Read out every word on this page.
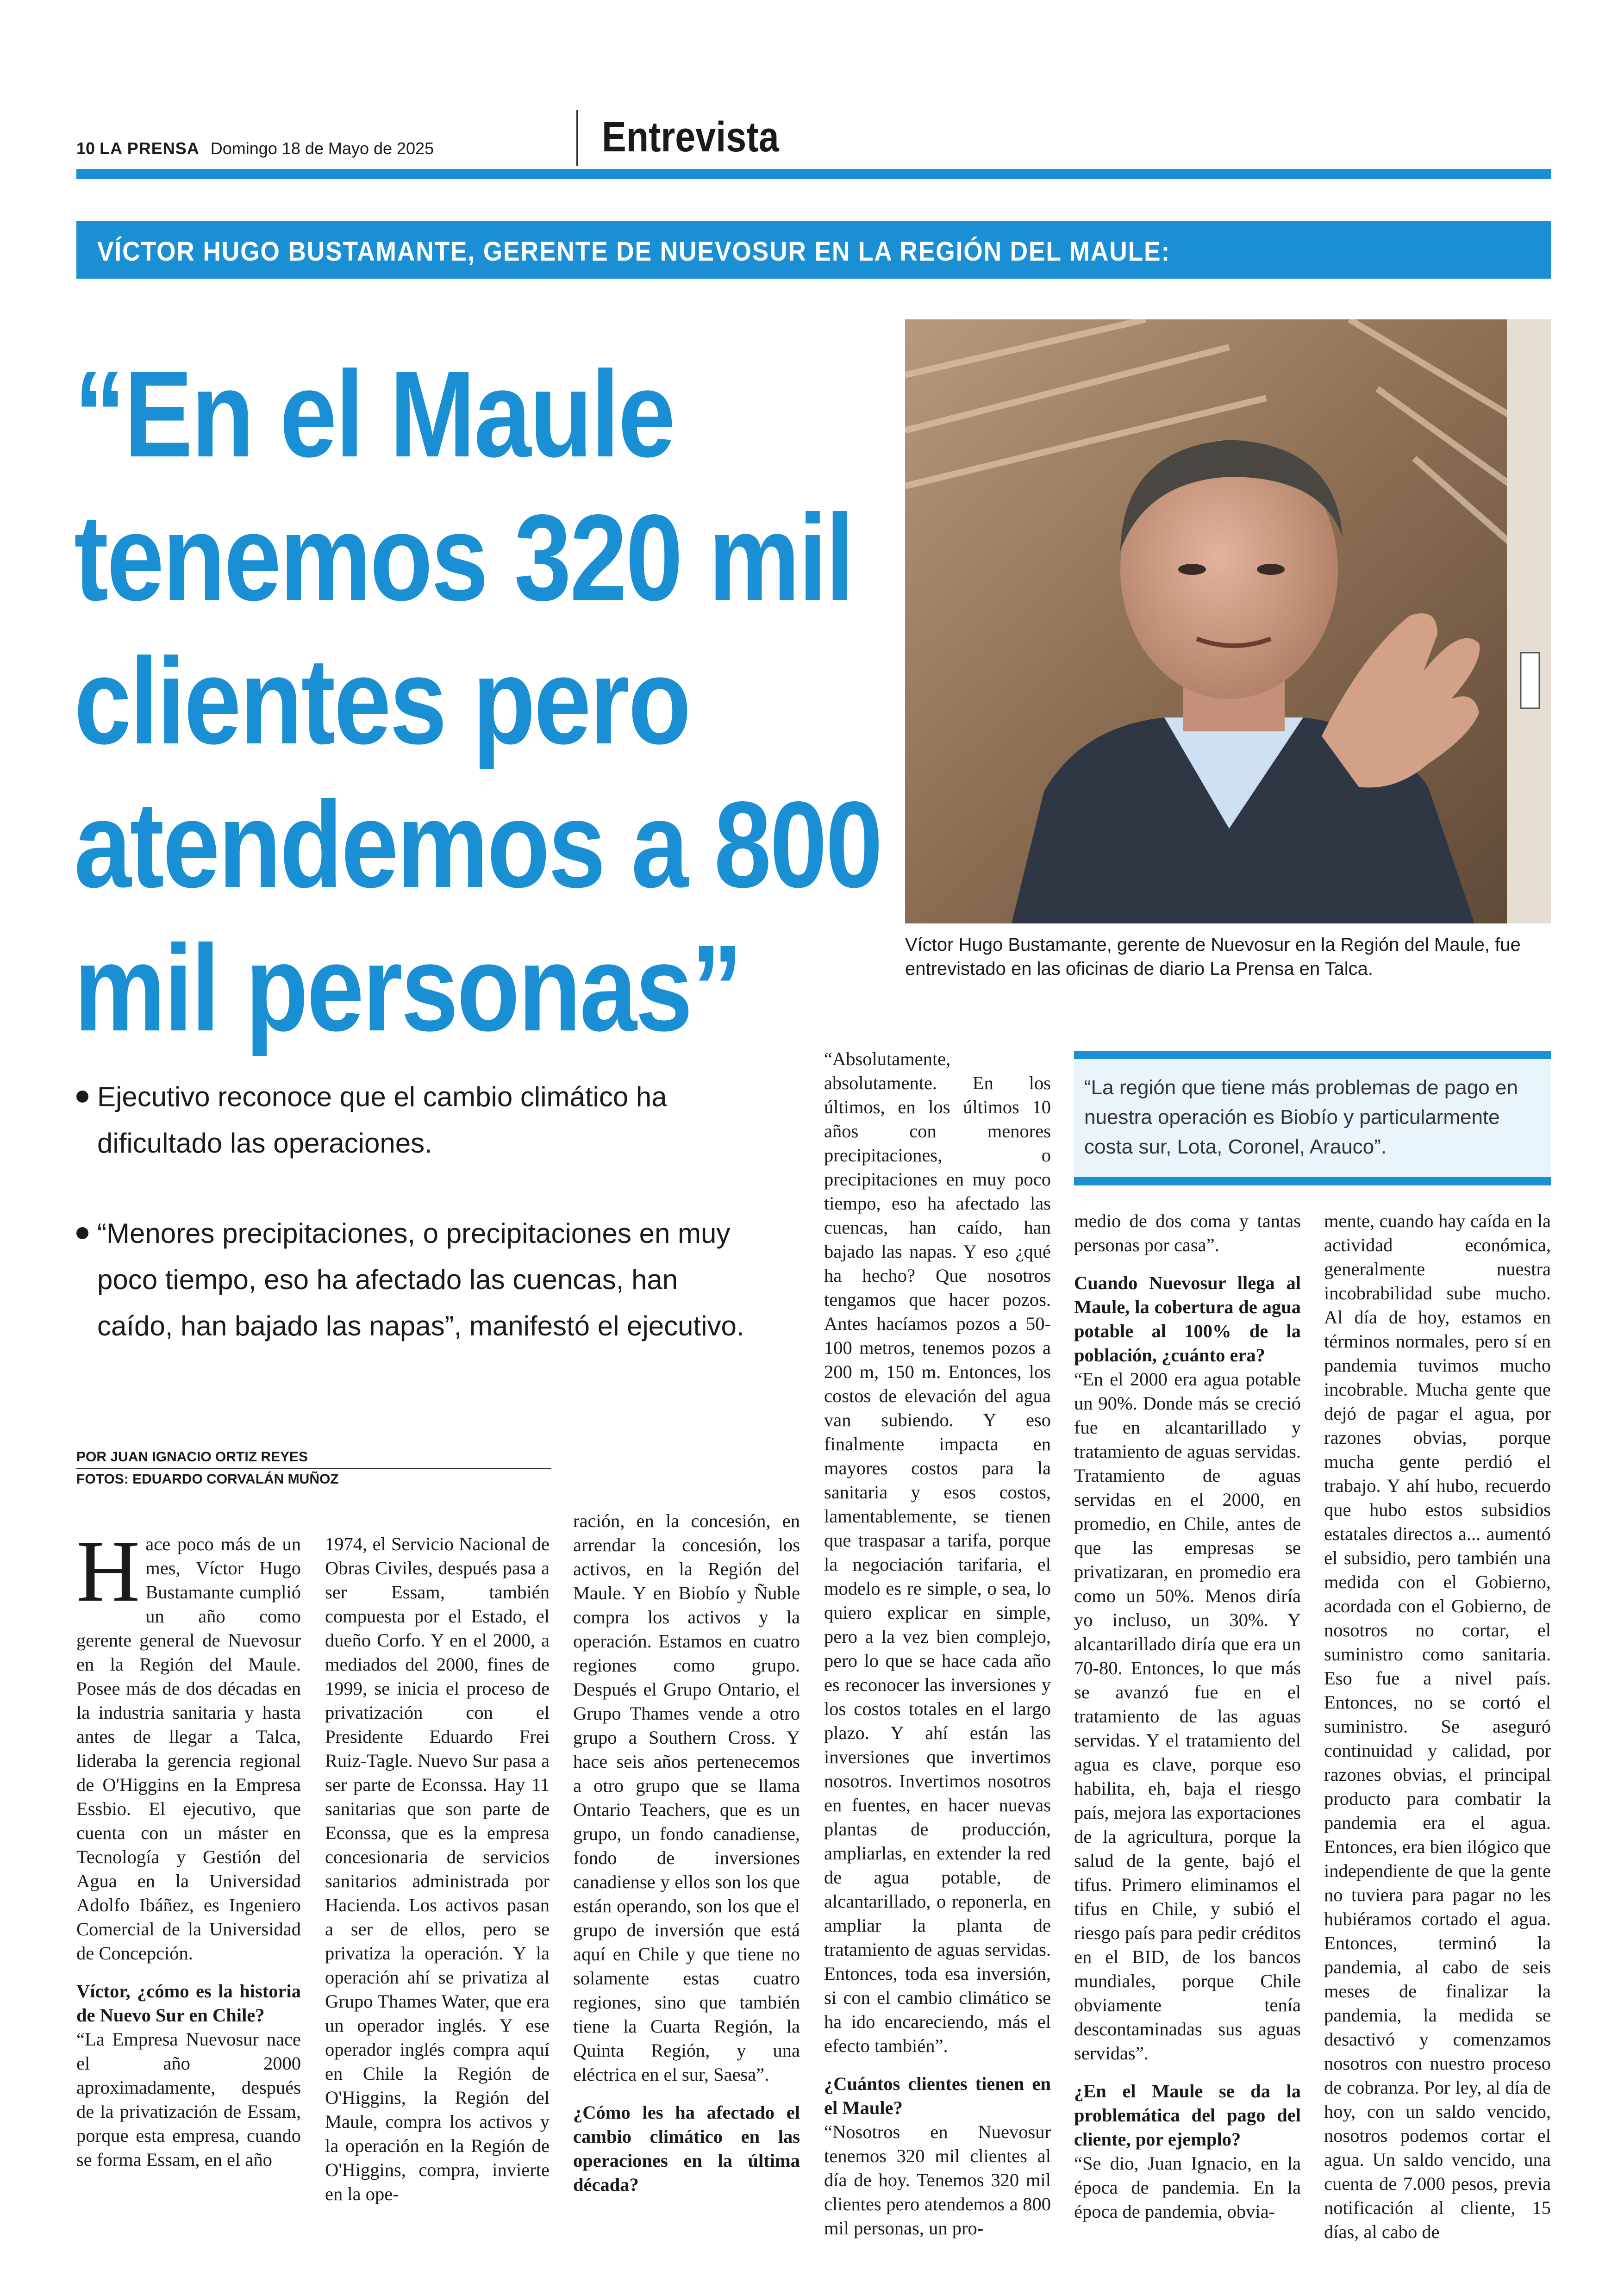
10 LA PRENSA Domingo 18 de Mayo de 2025	Entrevista
VÍCTOR HUGO BUSTAMANTE, GERENTE DE NUEVOSUR EN LA REGIÓN DEL MAULE:
“En el Maule
tenemos 320 mil
clientes pero
atendemos a 800
mil personas”	Víctor Hugo Bustamante, gerente de Nuevosur en la Región del Maule, fue entrevistado en las oficinas de diario La Prensa en Talca.
Ejecutivo reconoce que el cambio climático ha dificultado las operaciones.
“Menores precipitaciones, o precipitaciones en muy poco tiempo, eso ha afectado las cuencas, han caído, han bajado las napas”, manifestó el ejecutivo.
POR JUAN IGNACIO ORTIZ REYES
FOTOS: EDUARDO CORVALÁN MUÑOZ
“La región que tiene más problemas de pago en nuestra operación es Biobío y particularmente costa sur, Lota, Coronel, Arauco”.
H ace poco más de un mes, Víctor Hugo Bustamante cumplió un año como gerente general de Nuevosur en la Región del Maule. Posee más de dos décadas en la industria sanitaria y hasta antes de llegar a Talca, lideraba la gerencia regional de O'Higgins en la Empresa Essbio. El ejecutivo, que cuenta con un máster en Tecnología y Gestión del Agua en la Universidad Adolfo Ibáñez, es Ingeniero Comercial de la Universidad de Concepción.

Víctor, ¿cómo es la historia de Nuevo Sur en Chile?

“La Empresa Nuevosur nace el año 2000 aproximadamente, después de la privatización de Essam, porque esta empresa, cuando se forma Essam, en el año

1974, el Servicio Nacional de Obras Civiles, después pasa a ser Essam, también compuesta por el Estado, el dueño Corfo. Y en el 2000, a mediados del 2000, fines de 1999, se inicia el proceso de privatización con el Presidente Eduardo Frei Ruiz-Tagle. Nuevo Sur pasa a ser parte de Econssa. Hay 11 sanitarias que son parte de Econssa, que es la empresa concesionaria de servicios sanitarios administrada por Hacienda. Los activos pasan a ser de ellos, pero se privatiza la operación. Y la operación ahí se privatiza al Grupo Thames Water, que era un operador inglés. Y ese operador inglés compra aquí en Chile la Región de O'Higgins, la Región del Maule, compra los activos y la operación en la Región de O'Higgins, compra, invierte en la ope-

ración, en la concesión, en arrendar la concesión, los activos, en la Región del Maule. Y en Biobío y Ñuble compra los activos y la operación. Estamos en cuatro regiones como grupo. Después el Grupo Ontario, el Grupo Thames vende a otro grupo a Southern Cross. Y hace seis años pertenecemos a otro grupo que se llama Ontario Teachers, que es un grupo, un fondo canadiense, fondo de inversiones canadiense y ellos son los que están operando, son los que el grupo de inversión que está aquí en Chile y que tiene no solamente estas cuatro regiones, sino que también tiene la Cuarta Región, la Quinta Región, y una eléctrica en el sur, Saesa”.

¿Cómo les ha afectado el cambio climático en las operaciones en la última década?

“Absolutamente, absolutamente. En los últimos, en los últimos 10 años con menores precipitaciones, o precipitaciones en muy poco tiempo, eso ha afectado las cuencas, han caído, han bajado las napas. Y eso ¿qué ha hecho? Que nosotros tengamos que hacer pozos. Antes hacíamos pozos a 50-100 metros, tenemos pozos a 200 m, 150 m. Entonces, los costos de elevación del agua van subiendo. Y eso finalmente impacta en mayores costos para la sanitaria y esos costos, lamentablemente, se tienen que traspasar a tarifa, porque la negociación tarifaria, el modelo es re simple, o sea, lo quiero explicar en simple, pero a la vez bien complejo, pero lo que se hace cada año es reconocer las inversiones y los costos totales en el largo plazo. Y ahí están las inversiones que invertimos nosotros. Invertimos nosotros en fuentes, en hacer nuevas plantas de producción, ampliarlas, en extender la red de agua potable, de alcantarillado, o reponerla, en ampliar la planta de tratamiento de aguas servidas. Entonces, toda esa inversión, si con el cambio climático se ha ido encareciendo, más el efecto también”.

¿Cuántos clientes tienen en el Maule?

“Nosotros en Nuevosur tenemos 320 mil clientes al día de hoy. Tenemos 320 mil clientes pero atendemos a 800 mil personas, un pro-

medio de dos coma y tantas personas por casa”.

Cuando Nuevosur llega al Maule, la cobertura de agua potable al 100% de la población, ¿cuánto era?

“En el 2000 era agua potable un 90%. Donde más se creció fue en alcantarillado y tratamiento de aguas servidas. Tratamiento de aguas servidas en el 2000, en promedio, en Chile, antes de que las empresas se privatizaran, en promedio era como un 50%. Menos diría yo incluso, un 30%. Y alcantarillado diría que era un 70-80. Entonces, lo que más se avanzó fue en el tratamiento de las aguas servidas. Y el tratamiento del agua es clave, porque eso habilita, eh, baja el riesgo país, mejora las exportaciones de la agricultura, porque la salud de la gente, bajó el tifus. Primero eliminamos el tifus en Chile, y subió el riesgo país para pedir créditos en el BID, de los bancos mundiales, porque Chile obviamente tenía descontaminadas sus aguas servidas”.

¿En el Maule se da la problemática del pago del cliente, por ejemplo?

“Se dio, Juan Ignacio, en la época de pandemia. En la época de pandemia, obvia-

mente, cuando hay caída en la actividad económica, generalmente nuestra incobrabilidad sube mucho. Al día de hoy, estamos en términos normales, pero sí en pandemia tuvimos mucho incobrable. Mucha gente que dejó de pagar el agua, por razones obvias, porque mucha gente perdió el trabajo. Y ahí hubo, recuerdo que hubo estos subsidios estatales directos a... aumentó el subsidio, pero también una medida con el Gobierno, acordada con el Gobierno, de nosotros no cortar, el suministro como sanitaria. Eso fue a nivel país. Entonces, no se cortó el suministro. Se aseguró continuidad y calidad, por razones obvias, el principal producto para combatir la pandemia era el agua. Entonces, era bien ilógico que independiente de que la gente no tuviera para pagar no les hubiéramos cortado el agua. Entonces, terminó la pandemia, al cabo de seis meses de finalizar la pandemia, la medida se desactivó y comenzamos nosotros con nuestro proceso de cobranza. Por ley, al día de hoy, con un saldo vencido, nosotros podemos cortar el agua. Un saldo vencido, una cuenta de 7.000 pesos, previa notificación al cliente, 15 días, al cabo de
